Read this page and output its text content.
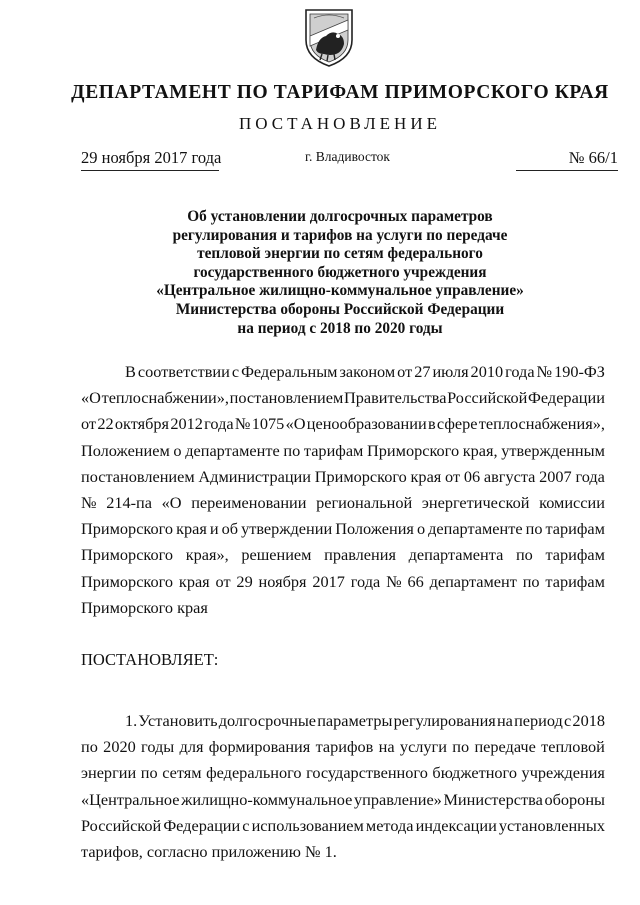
ДЕПАРТАМЕНТ ПО ТАРИФАМ ПРИМОРСКОГО КРАЯ
ПОСТАНОВЛЕНИЕ
29 ноября 2017 года	г. Владивосток	№ 66/1
Об установлении долгосрочных параметров
регулирования и тарифов на услуги по передаче
тепловой энергии по сетям федерального
государственного бюджетного учреждения
«Центральное жилищно-коммунальное управление»
Министерства обороны Российской Федерации
на период с 2018 по 2020 годы
В соответствии с Федеральным законом от 27 июля 2010 года № 190-ФЗ
«О теплоснабжении», постановлением Правительства Российской Федерации
от 22 октября 2012 года № 1075 «О ценообразовании в сфере теплоснабжения»,
Положением о департаменте по тарифам Приморского края, утвержденным
постановлением Администрации Приморского края от 06 августа 2007 года
№ 214-па «О переименовании региональной энергетической комиссии
Приморского края и об утверждении Положения о департаменте по тарифам
Приморского края», решением правления департамента по тарифам
Приморского края от 29 ноября 2017 года № 66 департамент по тарифам
Приморского края
ПОСТАНОВЛЯЕТ:
1. Установить долгосрочные параметры регулирования на период с 2018
по 2020 годы для формирования тарифов на услуги по передаче тепловой
энергии по сетям федерального государственного бюджетного учреждения
«Центральное жилищно-коммунальное управление» Министерства обороны
Российской Федерации с использованием метода индексации установленных
тарифов, согласно приложению № 1.
